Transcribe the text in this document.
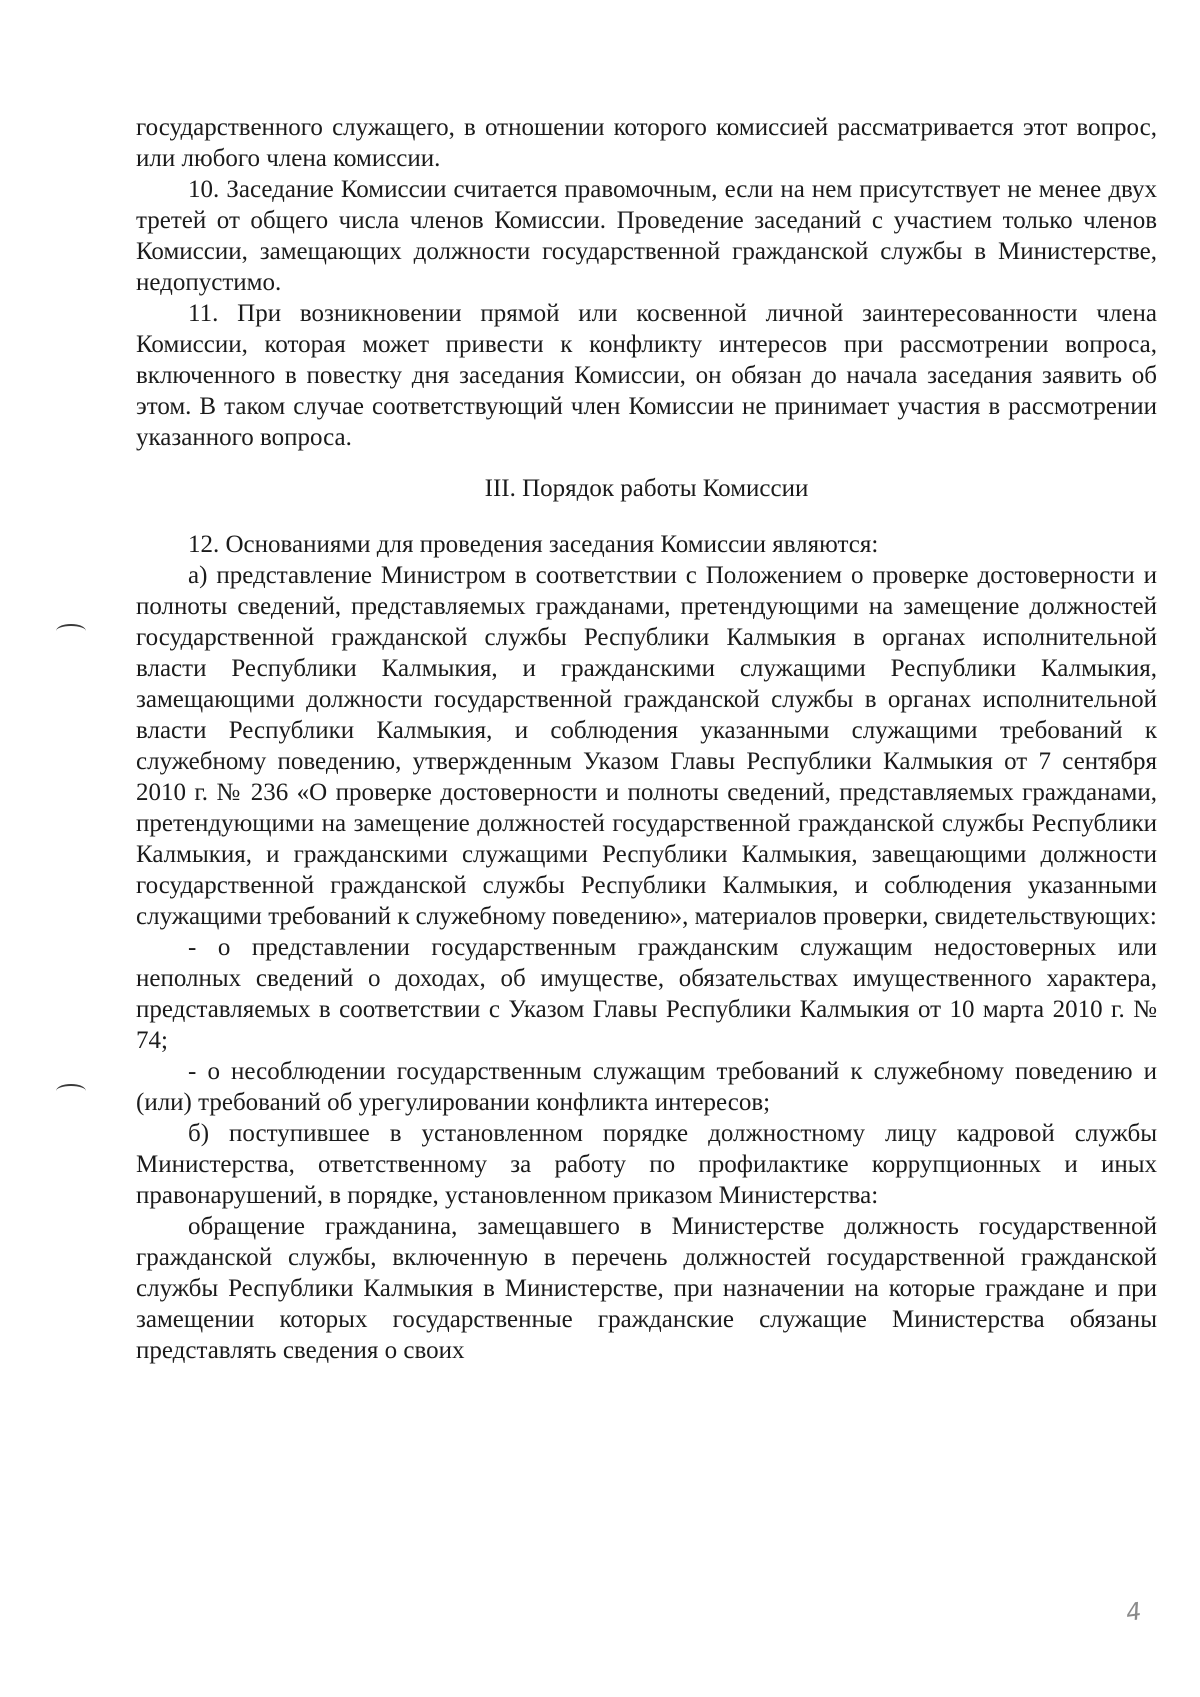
государственного служащего, в отношении которого комиссией рассматривается этот вопрос, или любого члена комиссии.

10. Заседание Комиссии считается правомочным, если на нем присутствует не менее двух третей от общего числа членов Комиссии. Проведение заседаний с участием только членов Комиссии, замещающих должности государственной гражданской службы в Министерстве, недопустимо.

11. При возникновении прямой или косвенной личной заинтересованности члена Комиссии, которая может привести к конфликту интересов при рассмотрении вопроса, включенного в повестку дня заседания Комиссии, он обязан до начала заседания заявить об этом. В таком случае соответствующий член Комиссии не принимает участия в рассмотрении указанного вопроса.

III. Порядок работы Комиссии

12. Основаниями для проведения заседания Комиссии являются:

а) представление Министром в соответствии с Положением о проверке достоверности и полноты сведений, представляемых гражданами, претендующими на замещение должностей государственной гражданской службы Республики Калмыкия в органах исполнительной власти Республики Калмыкия, и гражданскими служащими Республики Калмыкия, замещающими должности государственной гражданской службы в органах исполнительной власти Республики Калмыкия, и соблюдения указанными служащими требований к служебному поведению, утвержденным Указом Главы Республики Калмыкия от 7 сентября 2010 г. № 236 «О проверке достоверности и полноты сведений, представляемых гражданами, претендующими на замещение должностей государственной гражданской службы Республики Калмыкия, и гражданскими служащими Республики Калмыкия, завещающими должности государственной гражданской службы Республики Калмыкия, и соблюдения указанными служащими требований к служебному поведению», материалов проверки, свидетельствующих:

- о представлении государственным гражданским служащим недостоверных или неполных сведений о доходах, об имуществе, обязательствах имущественного характера, представляемых в соответствии с Указом Главы Республики Калмыкия от 10 марта 2010 г. № 74;

- о несоблюдении государственным служащим требований к служебному поведению и (или) требований об урегулировании конфликта интересов;

б) поступившее в установленном порядке должностному лицу кадровой службы Министерства, ответственному за работу по профилактике коррупционных и иных правонарушений, в порядке, установленном приказом Министерства:

обращение гражданина, замещавшего в Министерстве должность государственной гражданской службы, включенную в перечень должностей государственной гражданской службы Республики Калмыкия в Министерстве, при назначении на которые граждане и при замещении которых государственные гражданские служащие Министерства обязаны представлять сведения о своих

4
